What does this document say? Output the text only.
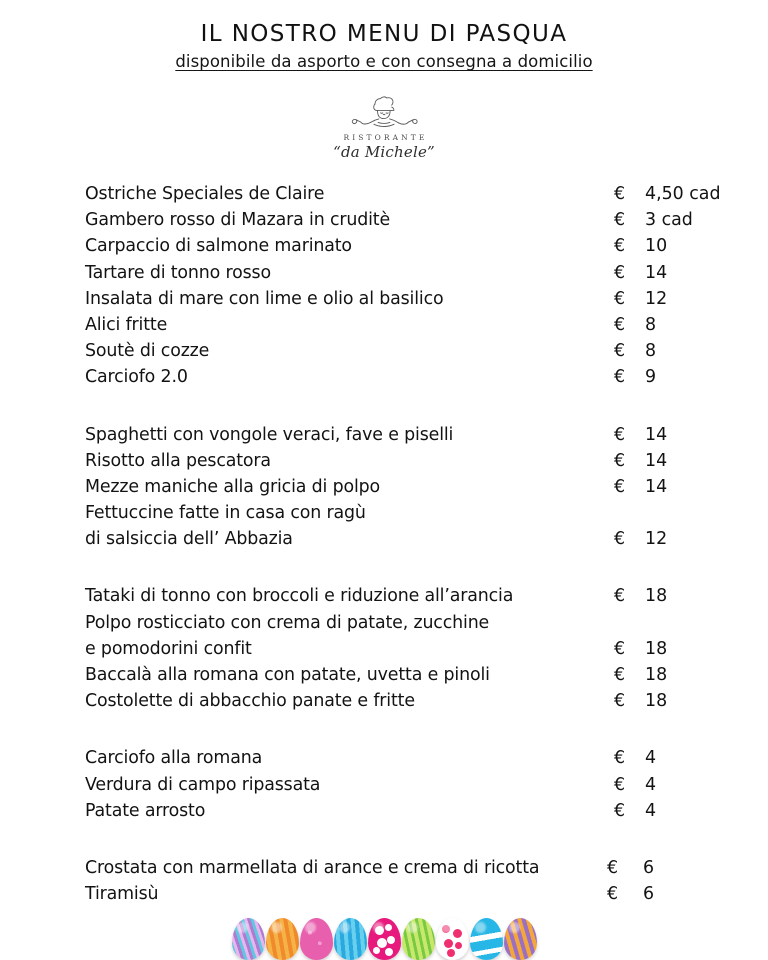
IL NOSTRO MENU DI PASQUA

disponibile da asporto e con consegna a domicilio

RISTORANTE

“da Michele”

Ostriche Speciales de Claire	€ 4,50 cad
Gambero rosso di Mazara in cruditè	€ 3 cad
Carpaccio di salmone marinato	€ 10
Tartare di tonno rosso	€ 14
Insalata di mare con lime e olio al basilico	€ 12
Alici fritte	€ 8
Soutè di cozze	€ 8
Carciofo 2.0	€ 9
Spaghetti con vongole veraci, fave e piselli	€ 14
Risotto alla pescatora	€ 14
Mezze maniche alla gricia di polpo	€ 14
Fettuccine fatte in casa con ragù
di salsiccia dell’ Abbazia	€ 12
Tataki di tonno con broccoli e riduzione all’arancia	€ 18
Polpo rosticciato con crema di patate, zucchine
e pomodorini confit	€ 18
Baccalà alla romana con patate, uvetta e pinoli	€ 18
Costolette di abbacchio panate e fritte	€ 18
Carciofo alla romana	€ 4
Verdura di campo ripassata	€ 4
Patate arrosto	€ 4
Crostata con marmellata di arance e crema di ricotta	€ 6
Tiramisù	€ 6
